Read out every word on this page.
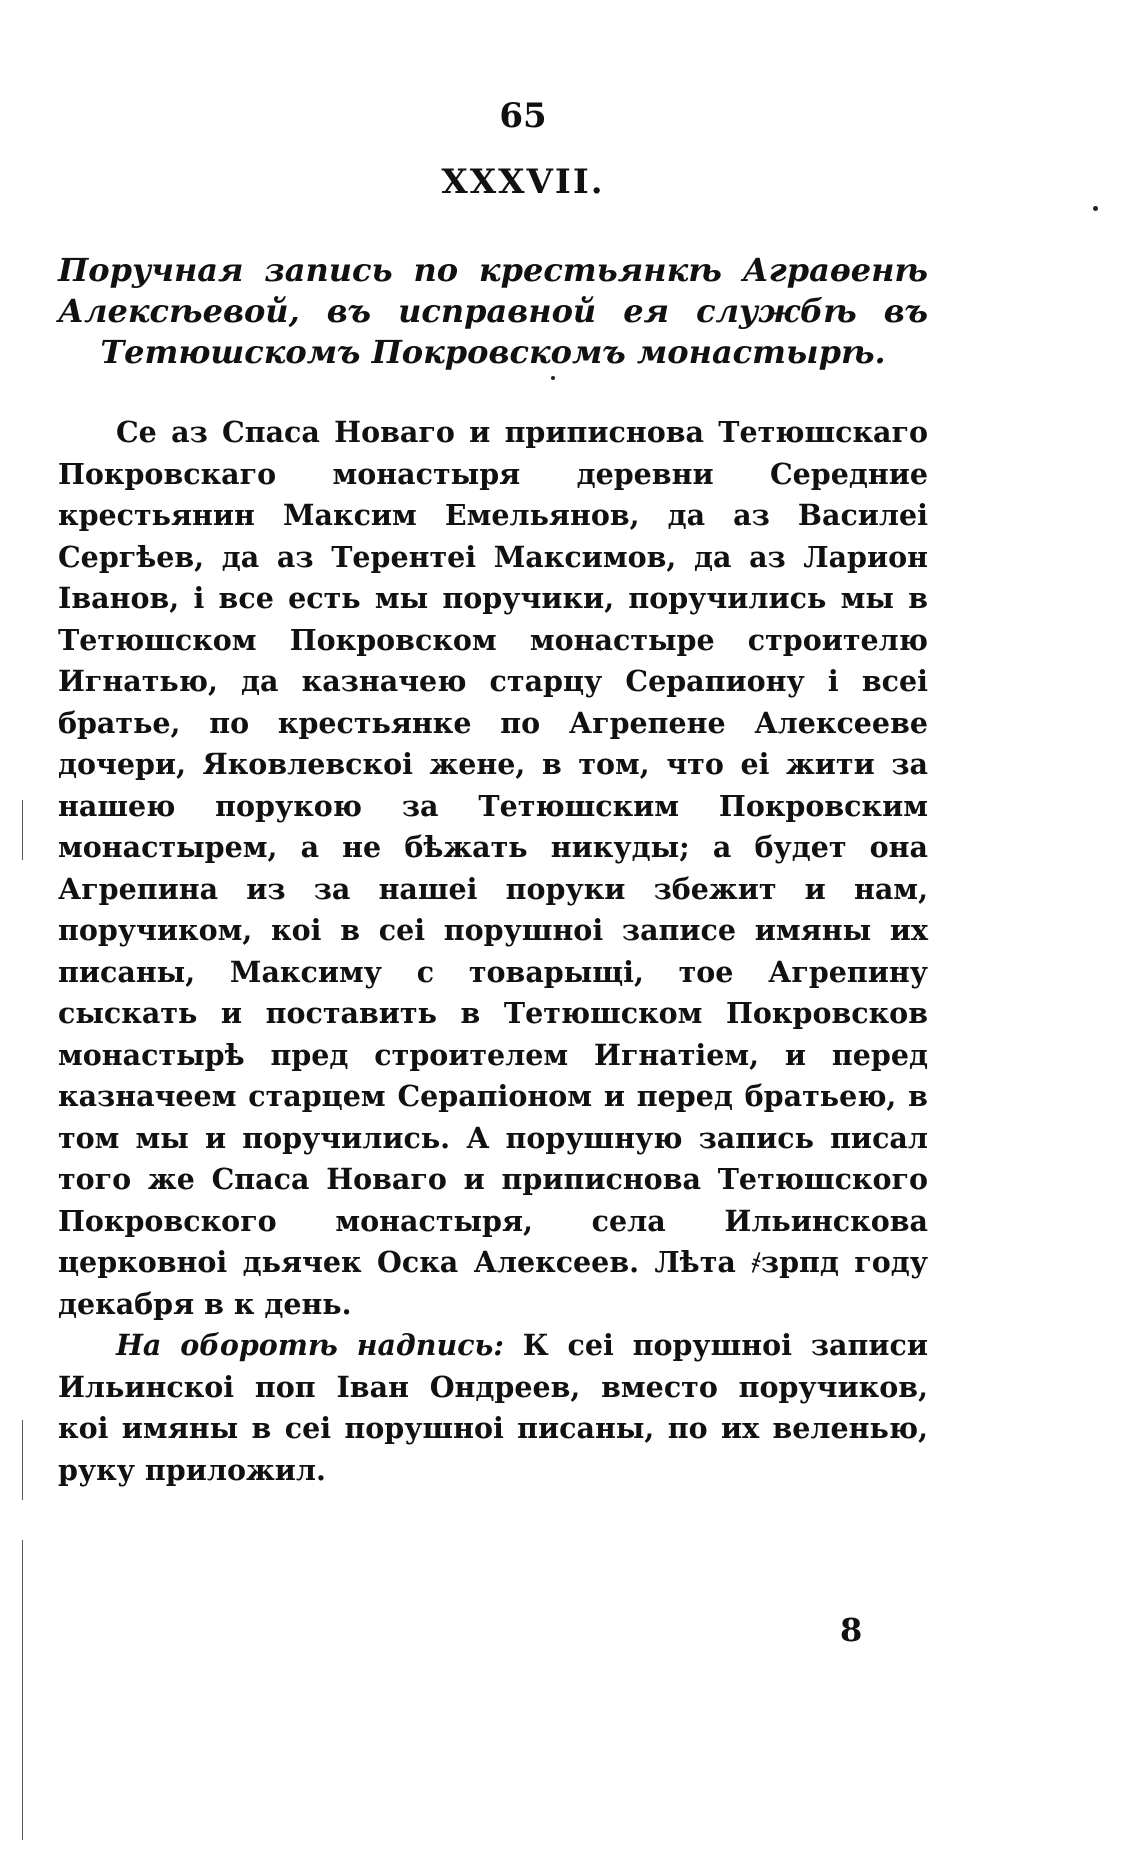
65
XXXVII.

Поручная запись по крестьянкѣ Аграѳенѣ Алексѣевой, въ исправной ея службѣ въ Тетюшскомъ Покровскомъ монастырѣ.

Се аз Спаса Новаго и приписнова Тетюшскаго Покровскаго монастыря деревни Середние крестьянин Максим Емельянов, да аз Василеі Сергѣев, да аз Терентеі Максимов, да аз Ларион Іванов, і все есть мы поручики, поручились мы в Тетюшском Покровском монастыре строителю Игнатью, да казначею старцу Серапиону і всеі братье, по крестьянке по Агрепене Алексееве дочери, Яковлевскоі жене, в том, что еі жити за нашею порукою за Тетюшским Покровским монастырем, а не бѣжать никуды; а будет она Агрепина из за нашеі поруки збежит и нам, поручиком, коі в сеі порушноі записе имяны их писаны, Максиму с товарыщі, тое Агрепину сыскать и поставить в Тетюшском Покровсков монастырѣ пред строителем Игнатіем, и перед казначеем старцем Серапіоном и перед братьею, в том мы и поручились. А порушную запись писал того же Спаса Новаго и приписнова Тетюшского Покровского монастыря, села Ильинскова церковноі дьячек Оска Алексеев. Лѣта ҂зрпд году декабря в к день.

На оборотѣ надпись: К сеі порушноі записи Ильинскоі поп Іван Ондреев, вместо поручиков, коі имяны в сеі порушноі писаны, по их веленью, руку приложил.

8
